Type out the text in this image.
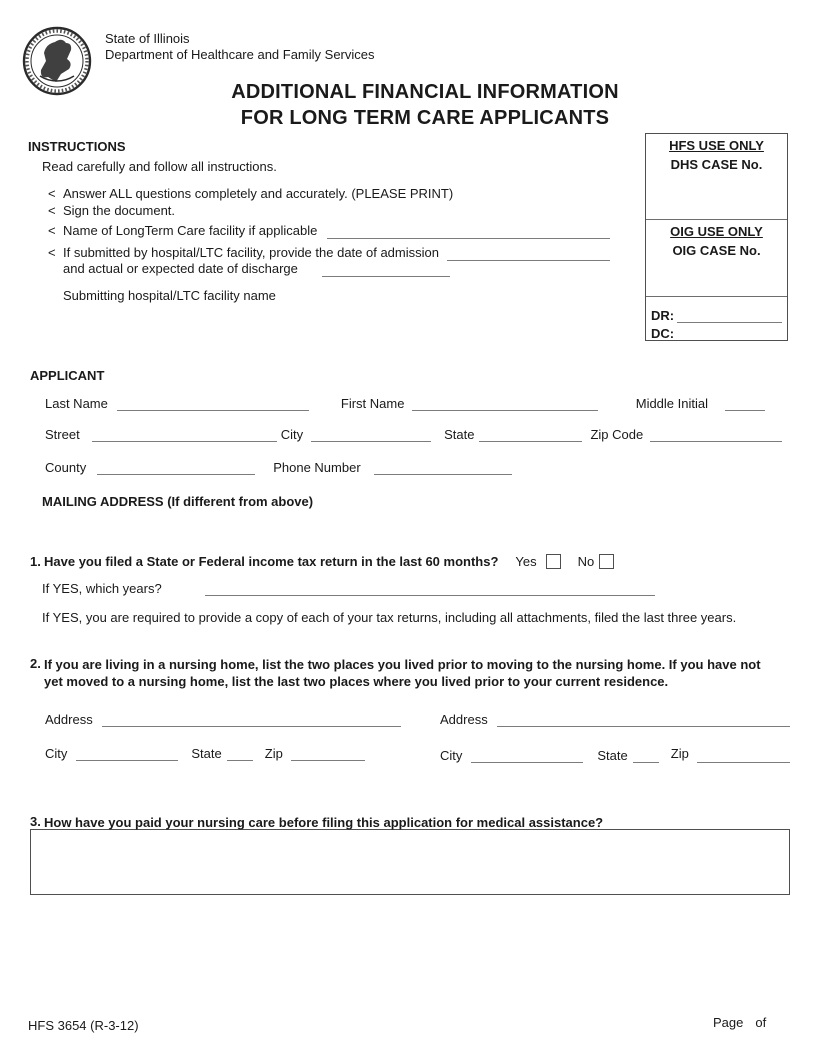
State of Illinois
Department of Healthcare and Family Services
ADDITIONAL FINANCIAL INFORMATION
FOR LONG TERM CARE APPLICANTS
INSTRUCTIONS
Read carefully and follow all instructions.
< Answer ALL questions completely and accurately. (PLEASE PRINT)
< Sign the document.
< Name of LongTerm Care facility if applicable
< If submitted by hospital/LTC facility, provide the date of admission
and actual or expected date of discharge
Submitting hospital/LTC facility name
HFS USE ONLY
DHS CASE No.
OIG USE ONLY
OIG CASE No.
DR:
DC:
APPLICANT
Last Name	First Name	Middle Initial
Street	City	State	Zip Code
County	Phone Number
MAILING ADDRESS (If different from above)
1. Have you filed a State or Federal income tax return in the last 60 months? Yes	No
If YES, which years?
If YES, you are required to provide a copy of each of your tax returns, including all attachments, filed the last three years.
2. If you are living in a nursing home, list the two places you lived prior to moving to the nursing home. If you have not yet moved to a nursing home, list the last two places where you lived prior to your current residence.
Address
City	State	Zip
Address
City	State	Zip
3. How have you paid your nursing care before filing this application for medical assistance?
HFS 3654 (R-3-12)	Page of
